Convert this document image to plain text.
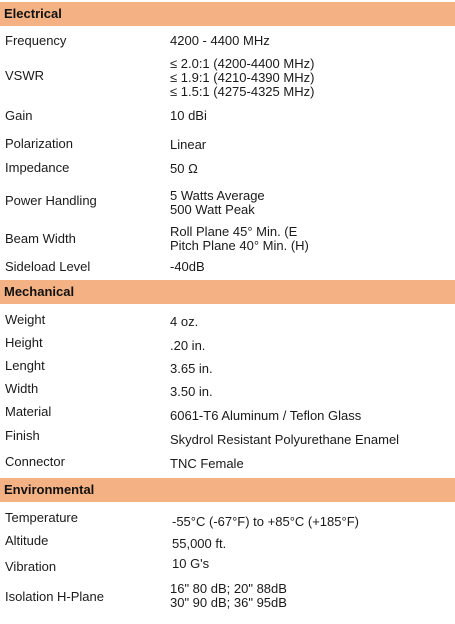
Electrical
Frequency	4200 - 4400 MHz
VSWR
≤ 2.0:1 (4200-4400 MHz)
≤ 1.9:1 (4210-4390 MHz)
≤ 1.5:1 (4275-4325 MHz)
Gain	10 dBi
Polarization	Linear
Impedance	50 Ω
Power Handling	5 Watts Average
500 Watt Peak
Beam Width	Roll Plane 45° Min. (E
Pitch Plane 40° Min. (H)
Sideload Level	-40dB
Mechanical
Weight	4 oz.
Height	.20 in.
Lenght	3.65 in.
Width	3.50 in.
Material	6061-T6 Aluminum / Teflon Glass
Finish	Skydrol Resistant Polyurethane Enamel
Connector	TNC Female
Environmental
Temperature	-55°C (-67°F) to +85°C (+185°F)
Altitude	55,000 ft.
Vibration	10 G's
Isolation H-Plane
16" 80 dB; 20" 88dB
30" 90 dB; 36" 95dB
